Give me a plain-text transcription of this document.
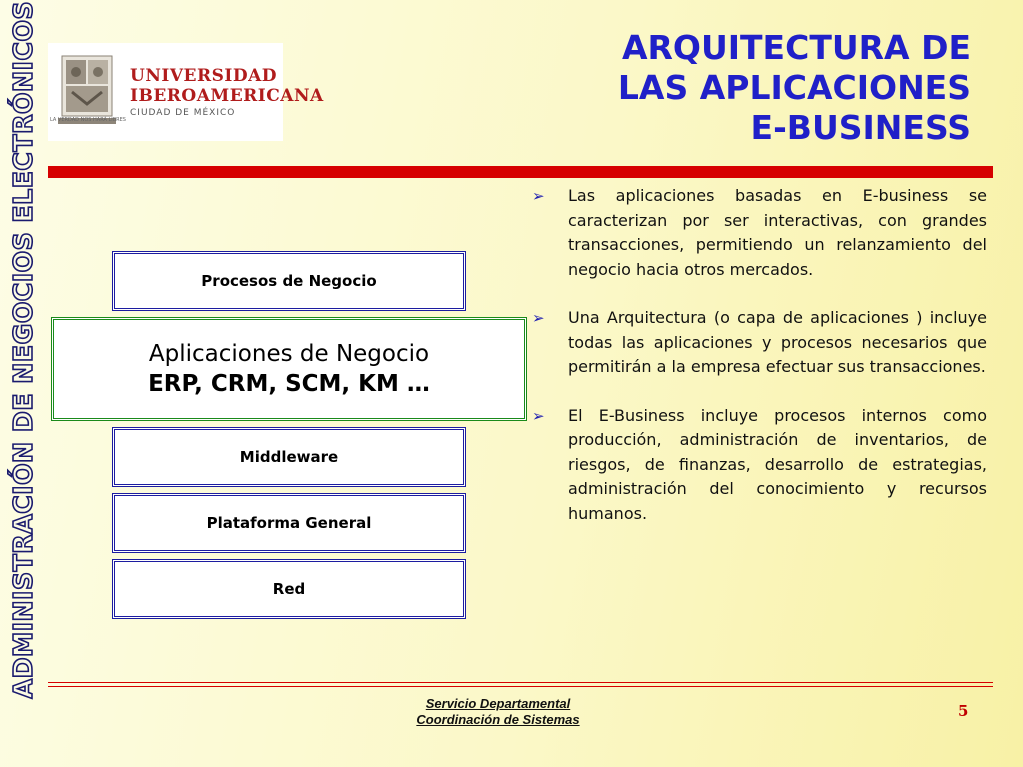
ADMINISTRACIÓN DE NEGOCIOS ELECTRÓNICOS	UNIVERSIDAD
IBEROAMERICANA
CIUDAD DE MÉXICO
LA VERDAD NOS HARÁ LIBRES
ARQUITECTURA DE
LAS APLICACIONES
E-BUSINESS
Procesos de Negocio
Aplicaciones de Negocio
ERP, CRM, SCM, KM …
Middleware
Plataforma General
Red
➢	Las aplicaciones basadas en E-business se caracterizan por ser interactivas, con grandes transacciones, permitiendo un relanzamiento del negocio hacia otros mercados.
➢	Una Arquitectura (o capa de aplicaciones ) incluye todas las aplicaciones y procesos necesarios que permitirán a la empresa efectuar sus transacciones.
➢	El E-Business incluye procesos internos como producción, administración de inventarios, de riesgos, de finanzas, desarrollo de estrategias, administración del conocimiento y recursos humanos.
Servicio Departamental
Coordinación de Sistemas	5
